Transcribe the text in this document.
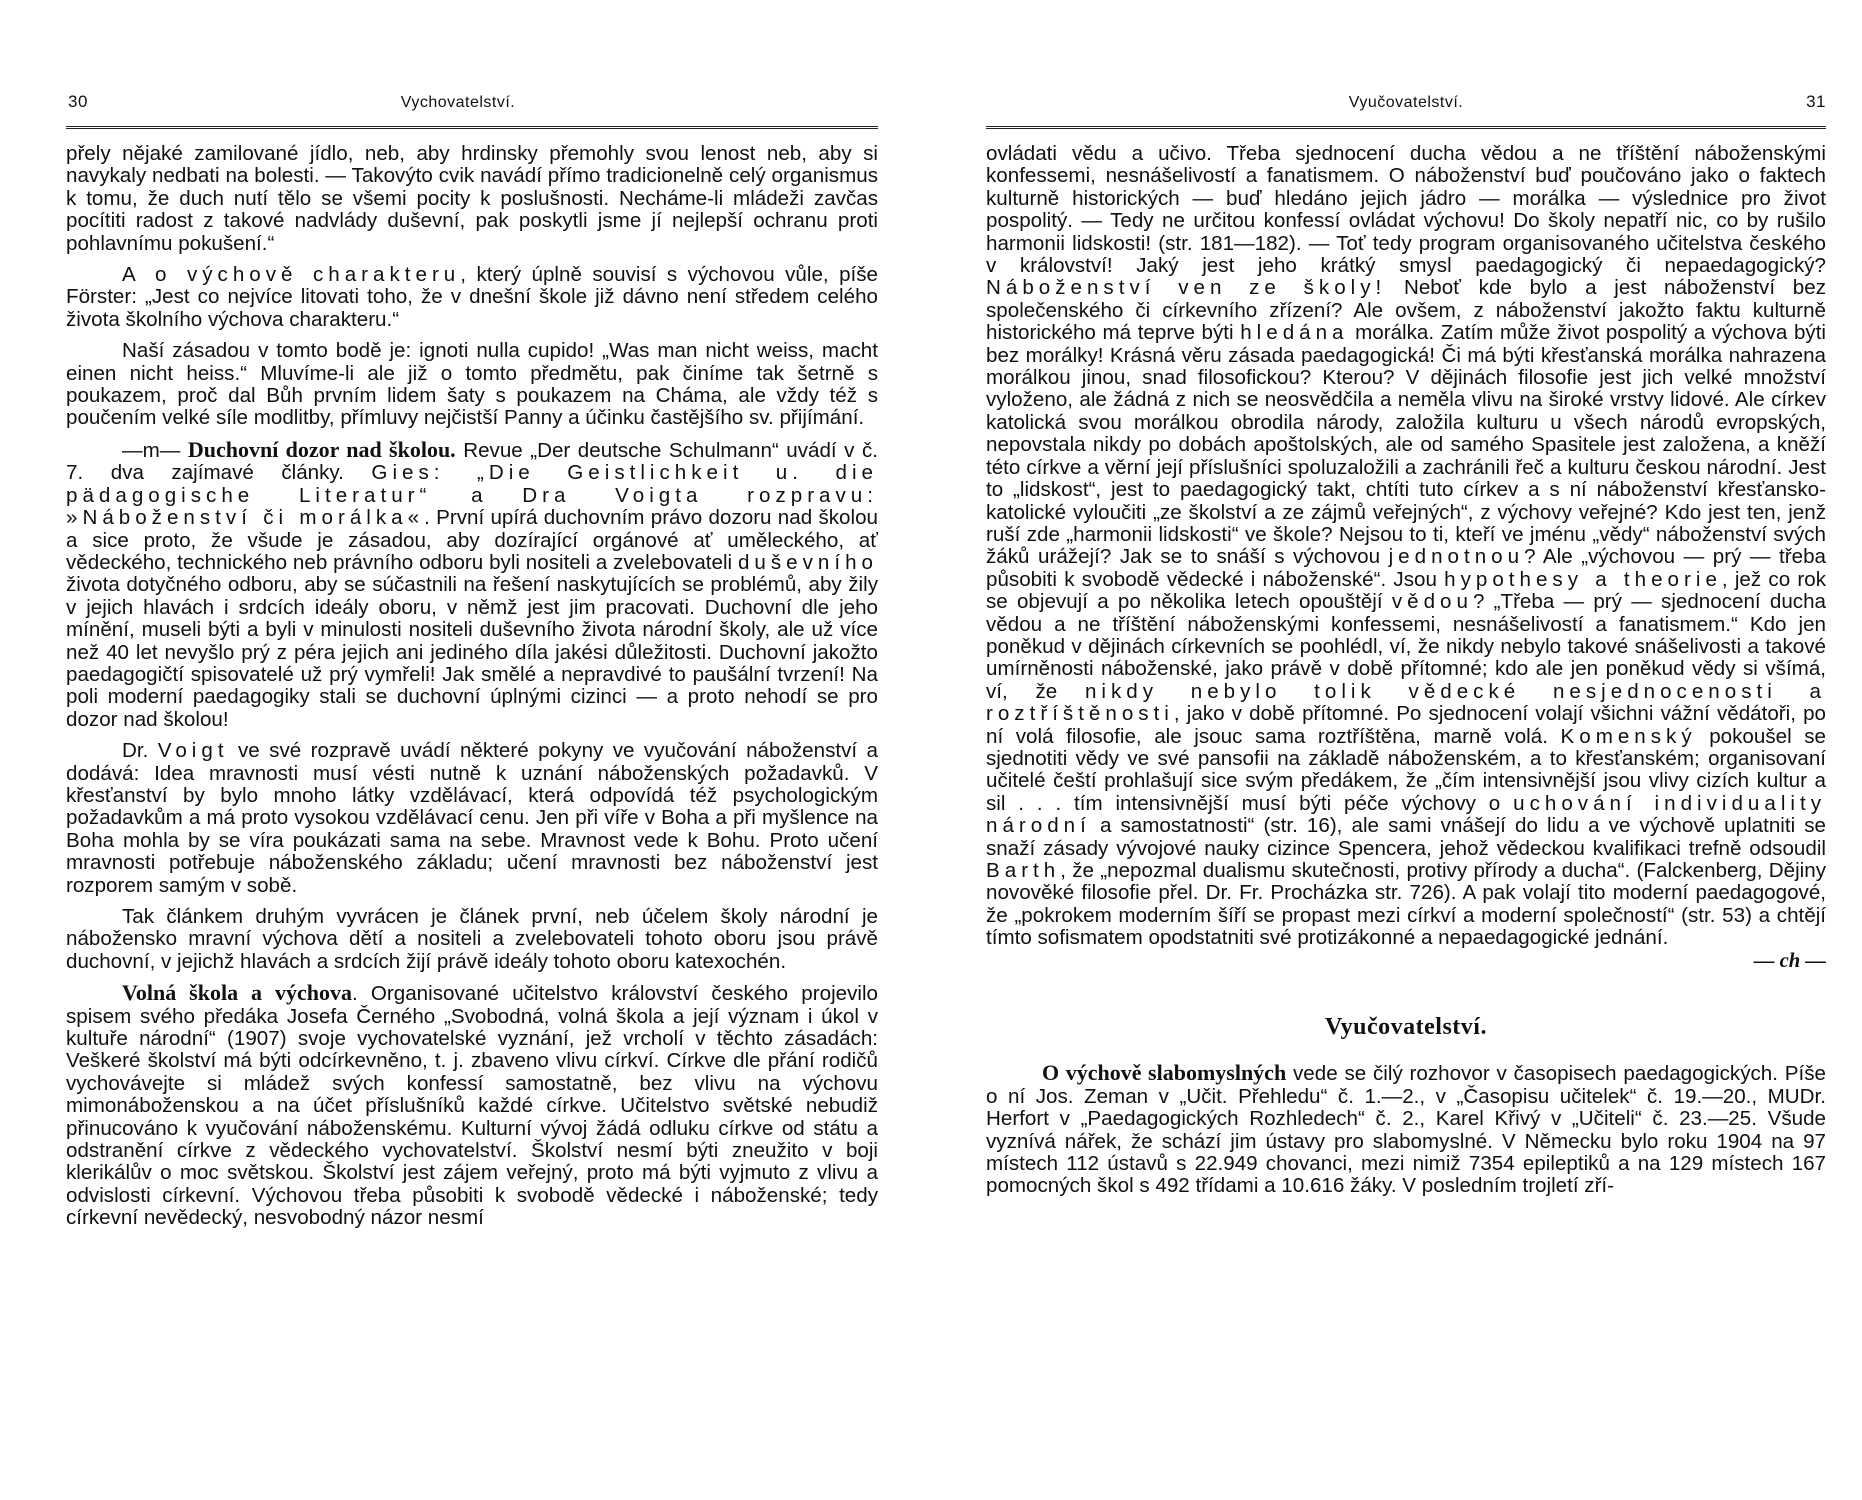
30	Vychovatelství.

přely nějaké zamilované jídlo, neb, aby hrdinsky přemohly svou lenost neb, aby si navykaly nedbati na bolesti. — Takovýto cvik navádí přímo tradicionelně celý organismus k tomu, že duch nutí tělo se všemi pocity k poslušnosti. Necháme-li mládeži zavčas pocítiti radost z takové nadvlády duševní, pak poskytli jsme jí nejlepší ochranu proti pohlavnímu pokušení.“

A o výchově charakteru, který úplně souvisí s výchovou vůle, píše Förster: „Jest co nejvíce litovati toho, že v dnešní škole již dávno není středem celého života školního výchova charakteru.“

Naší zásadou v tomto bodě je: ignoti nulla cupido! „Was man nicht weiss, macht einen nicht heiss.“ Mluvíme-li ale již o tomto předmětu, pak činíme tak šetrně s poukazem, proč dal Bůh prvním lidem šaty s poukazem na Cháma, ale vždy též s poučením velké síle modlitby, přímluvy nejčistší Panny a účinku častějšího sv. přijímání.

—m— Duchovní dozor nad školou. Revue „Der deutsche Schulmann“ uvádí v č. 7. dva zajímavé články. Gies: „Die Geistlichkeit u. die pädagogische Literatur“ a Dra Voigta rozpravu: »Náboženství či morálka«. První upírá duchovním právo dozoru nad školou a sice proto, že všude je zásadou, aby dozírající orgánové ať uměleckého, ať vědeckého, technického neb právního odboru byli nositeli a zvelebovateli duševního života dotyčného odboru, aby se súčastnili na řešení naskytujících se problémů, aby žily v jejich hlavách i srdcích ideály oboru, v němž jest jim pracovati. Duchovní dle jeho mínění, museli býti a byli v minulosti nositeli duševního života národní školy, ale už více než 40 let nevyšlo prý z péra jejich ani jediného díla jakési důležitosti. Duchovní jakožto paedagogičtí spisovatelé už prý vymřeli! Jak smělé a nepravdivé to paušální tvrzení! Na poli moderní paedagogiky stali se duchovní úplnými cizinci — a proto nehodí se pro dozor nad školou!

Dr. Voigt ve své rozpravě uvádí některé pokyny ve vyučování náboženství a dodává: Idea mravnosti musí vésti nutně k uznání náboženských požadavků. V křesťanství by bylo mnoho látky vzdělávací, která odpovídá též psychologickým požadavkům a má proto vysokou vzdělávací cenu. Jen při víře v Boha a při myšlence na Boha mohla by se víra poukázati sama na sebe. Mravnost vede k Bohu. Proto učení mravnosti potřebuje náboženského základu; učení mravnosti bez náboženství jest rozporem samým v sobě.

Tak článkem druhým vyvrácen je článek první, neb účelem školy národní je nábožensko mravní výchova dětí a nositeli a zvelebovateli tohoto oboru jsou právě duchovní, v jejichž hlavách a srdcích žijí právě ideály tohoto oboru katexochén.

Volná škola a výchova. Organisované učitelstvo království českého projevilo spisem svého předáka Josefa Černého „Svobodná, volná škola a její význam i úkol v kultuře národní“ (1907) svoje vychovatelské vyznání, jež vrcholí v těchto zásadách: Veškeré školství má býti odcírkevněno, t. j. zbaveno vlivu církví. Církve dle přání rodičů vychovávejte si mládež svých konfessí samostatně, bez vlivu na výchovu mimonáboženskou a na účet příslušníků každé církve. Učitelstvo světské nebudiž přinucováno k vyučování náboženskému. Kulturní vývoj žádá odluku církve od státu a odstranění církve z vědeckého vychovatelství. Školství nesmí býti zneužito v boji klerikálův o moc světskou. Školství jest zájem veřejný, proto má býti vyjmuto z vlivu a odvislosti církevní. Výchovou třeba působiti k svobodě vědecké i náboženské; tedy církevní nevědecký, nesvobodný názor nesmí

Vyučovatelství.	31

ovládati vědu a učivo. Třeba sjednocení ducha vědou a ne tříštění náboženskými konfessemi, nesnášelivostí a fanatismem. O náboženství buď poučováno jako o faktech kulturně historických — buď hledáno jejich jádro — morálka — výslednice pro život pospolitý. — Tedy ne určitou konfessí ovládat výchovu! Do školy nepatří nic, co by rušilo harmonii lidskosti! (str. 181—182). — Toť tedy program organisovaného učitelstva českého v království! Jaký jest jeho krátký smysl paedagogický či nepaedagogický? Náboženství ven ze školy! Neboť kde bylo a jest náboženství bez společenského či církevního zřízení? Ale ovšem, z náboženství jakožto faktu kulturně historického má teprve býti hledána morálka. Zatím může život pospolitý a výchova býti bez morálky! Krásná věru zásada paedagogická! Či má býti křesťanská morálka nahrazena morálkou jinou, snad filosofickou? Kterou? V dějinách filosofie jest jich velké množství vyloženo, ale žádná z nich se neosvědčila a neměla vlivu na široké vrstvy lidové. Ale církev katolická svou morálkou obrodila národy, založila kulturu u všech národů evropských, nepovstala nikdy po dobách apoštolských, ale od samého Spasitele jest založena, a kněží této církve a věrní její příslušníci spoluzaložili a zachránili řeč a kulturu českou národní. Jest to „lidskost“, jest to paedagogický takt, chtíti tuto církev a s ní náboženství křesťansko-katolické vyloučiti „ze školství a ze zájmů veřejných“, z výchovy veřejné? Kdo jest ten, jenž ruší zde „harmonii lidskosti“ ve škole? Nejsou to ti, kteří ve jménu „vědy“ náboženství svých žáků urážejí? Jak se to snáší s výchovou jednotnou? Ale „výchovou — prý — třeba působiti k svobodě vědecké i náboženské“. Jsou hypothesy a theorie, jež co rok se objevují a po několika letech opouštějí vědou? „Třeba — prý — sjednocení ducha vědou a ne tříštění náboženskými konfessemi, nesnášelivostí a fanatismem.“ Kdo jen poněkud v dějinách církevních se poohlédl, ví, že nikdy nebylo takové snášelivosti a takové umírněnosti náboženské, jako právě v době přítomné; kdo ale jen poněkud vědy si všímá, ví, že nikdy nebylo tolik vědecké nesjednocenosti a roztříštěnosti, jako v době přítomné. Po sjednocení volají všichni vážní vědátoři, po ní volá filosofie, ale jsouc sama roztříštěna, marně volá. Komenský pokoušel se sjednotiti vědy ve své pansofii na základě náboženském, a to křesťanském; organisovaní učitelé čeští prohlašují sice svým předákem, že „čím intensivnější jsou vlivy cizích kultur a sil . . . tím intensivnější musí býti péče výchovy o uchování individuality národní a samostatnosti“ (str. 16), ale sami vnášejí do lidu a ve výchově uplatniti se snaží zásady vývojové nauky cizince Spencera, jehož vědeckou kvalifikaci trefně odsoudil Barth, že „nepozmal dualismu skutečnosti, protivy přírody a ducha“. (Falckenberg, Dějiny novověké filosofie přel. Dr. Fr. Procházka str. 726). A pak volají tito moderní paedagogové, že „pokrokem moderním šíří se propast mezi církví a moderní společností“ (str. 53) a chtějí tímto sofismatem opodstatniti své protizákonné a nepaedagogické jednání.

— ch —
Vyučovatelství.

O výchově slabomyslných vede se čilý rozhovor v časopisech paedagogických. Píše o ní Jos. Zeman v „Učit. Přehledu“ č. 1.—2., v „Časopisu učitelek“ č. 19.—20., MUDr. Herfort v „Paedagogických Rozhledech“ č. 2., Karel Křivý v „Učiteli“ č. 23.—25. Všude vyznívá nářek, že schází jim ústavy pro slabomyslné. V Německu bylo roku 1904 na 97 místech 112 ústavů s 22.949 chovanci, mezi nimiž 7354 epileptiků a na 129 místech 167 pomocných škol s 492 třídami a 10.616 žáky. V posledním trojletí zří-
